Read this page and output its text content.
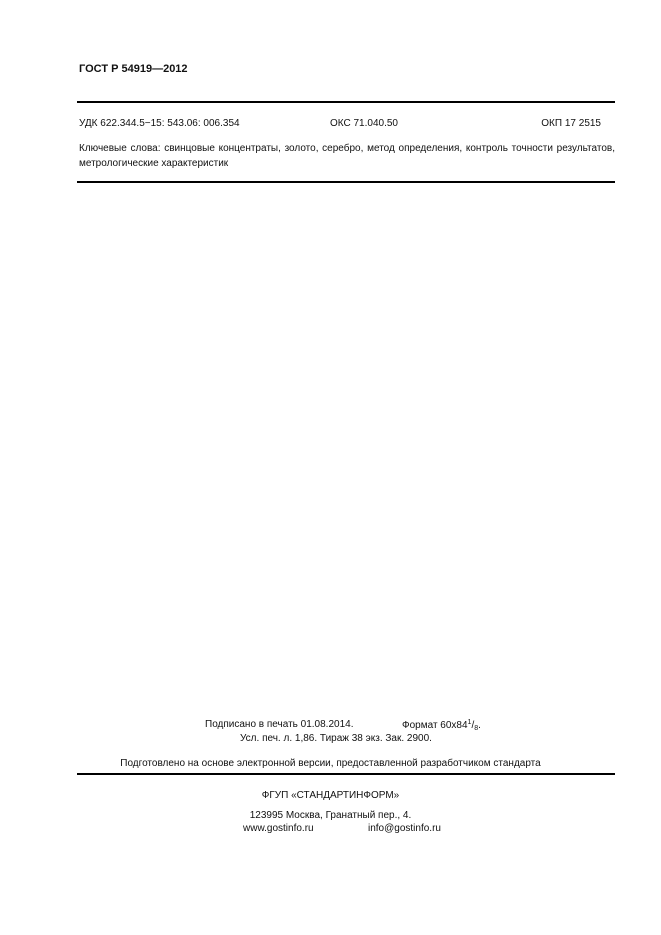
ГОСТ Р 54919—2012
УДК 622.344.5−15: 543.06: 006.354	ОКС 71.040.50	ОКП 17 2515
Ключевые слова: свинцовые концентраты, золото, серебро, метод определения, контроль точности результатов, метрологические характеристик
Подписано в печать 01.08.2014.	Формат $60x84^1/_8$.
Усл. печ. л. 1,86. Тираж 38 экз. Зак. 2900.
Подготовлено на основе электронной версии, предоставленной разработчиком стандарта
ФГУП «СТАНДАРТИНФОРМ»
123995 Москва, Гранатный пер., 4.
www.gostinfo.ru	info@gostinfo.ru
